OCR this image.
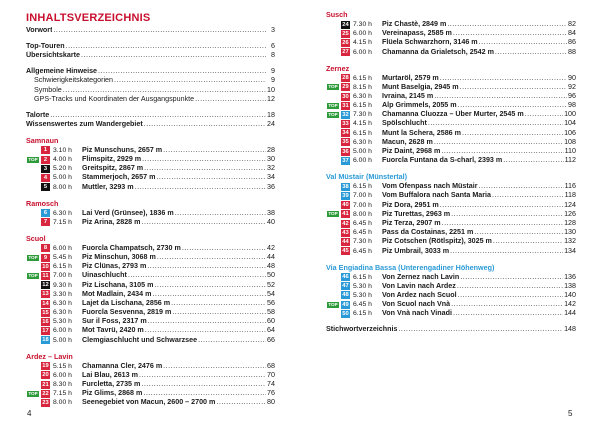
INHALTSVERZEICHNIS
Vorwort .....	3
Top-Touren .....	6
Übersichtskarte .....	8
Allgemeine Hinweise .....	9
Schwierigkeitskategorien .....	9
Symbole .....	10
GPS-Tracks und Koordinaten der Ausgangspunkte .....	12
Talorte .....	18
Wissenswertes zum Wandergebiet .....	24
Samnaun
1 3.10 h	Piz Munschuns, 2657 m .....	28
TOP	2 4.00 h	Flimspitz, 2929 m .....	30
3 5.20 h	Greitspitz, 2867 m .....	32
4 5.00 h	Stammerjoch, 2657 m .....	34
5 8.00 h	Muttler, 3293 m .....	36
Ramosch
6 6.30 h	Lai Verd (Grünsee), 1836 m .....	38
7 7.15 h	Piz Arina, 2828 m .....	40
Scuol
8 6.00 h	Fuorcla Champatsch, 2730 m .....	42
TOP	9 5.45 h	Piz Minschun, 3068 m .....	44
10 6.15 h	Piz Clünas, 2793 m .....	48
TOP 11 7.00 h	Uinaschlucht .....	50
12 9.30 h	Piz Lischana, 3105 m .....	52
13 3.30 h	Mot Madlain, 2434 m .....	54
14 6.30 h	Lajet da Lischana, 2856 m .....	56
15 6.30 h	Fuorcla Sesvenna, 2819 m .....	58
16 5.30 h	Sur il Foss, 2317 m .....	60
17 6.00 h	Mot Tavrü, 2420 m .....	64
18 5.00 h	Clemgiaschlucht und Schwarzsee .....	66
Ardez – Lavin
19 5.15 h	Chamanna Cler, 2476 m .....	68
20 6.00 h	Lai Blau, 2613 m .....	70
21 8.30 h	Furcletta, 2735 m .....	74
TOP 22 7.15 h	Piz Glims, 2868 m .....	76
23 8.00 h	Seenegebiet von Macun, 2600 – 2700 m .....	80
Susch
24 7.30 h	Piz Chastè, 2849 m .....	82
25 6.00 h	Vereinapass, 2585 m .....	84
26 4.15 h	Flüela Schwarzhorn, 3146 m .....	86
27 6.00 h	Chamanna da Grialetsch, 2542 m .....	88
Zernez
28 6.15 h	Murtaröl, 2579 m .....	90
TOP 29 8.15 h	Munt Baselgia, 2945 m .....	92
30 6.30 h	Ivraina, 2145 m .....	96
TOP 31 6.15 h	Alp Grimmels, 2055 m .....	98
TOP 32 7.30 h	Chamanna Cluozza – Über Murter, 2545 m .....	100
33 4.15 h	Spölschlucht .....	104
34 6.15 h	Munt la Schera, 2586 m .....	106
35 6.30 h	Macun, 2628 m .....	108
36 5.00 h	Piz Daint, 2968 m .....	110
37 6.00 h	Fuorcla Funtana da S-charl, 2393 m .....	112
Val Müstair (Münstertal)
38 6.15 h	Vom Ofenpass nach Müstair .....	116
39 7.00 h	Vom Buffalora nach Santa Maria .....	118
40 7.00 h	Piz Dora, 2951 m .....	124
TOP 41 8.00 h	Piz Turettas, 2963 m .....	126
42 6.45 h	Piz Terza, 2907 m .....	128
43 6.45 h	Pass da Costainas, 2251 m .....	130
44 7.30 h	Piz Cotschen (Rötlspitz), 3025 m .....	132
45 6.45 h	Piz Umbrail, 3033 m .....	134
Via Engiadina Bassa (Unterengadiner Höhenweg)
46 6.15 h	Von Zernez nach Lavin .....	136
47 5.30 h	Von Lavin nach Ardez .....	138
48 5.30 h	Von Ardez nach Scuol .....	140
TOP 49 6.45 h	Von Scuol nach Vnà .....	142
50 6.15 h	Von Vnà nach Vinadi .....	144
Stichwortverzeichnis .....	148
4	5
